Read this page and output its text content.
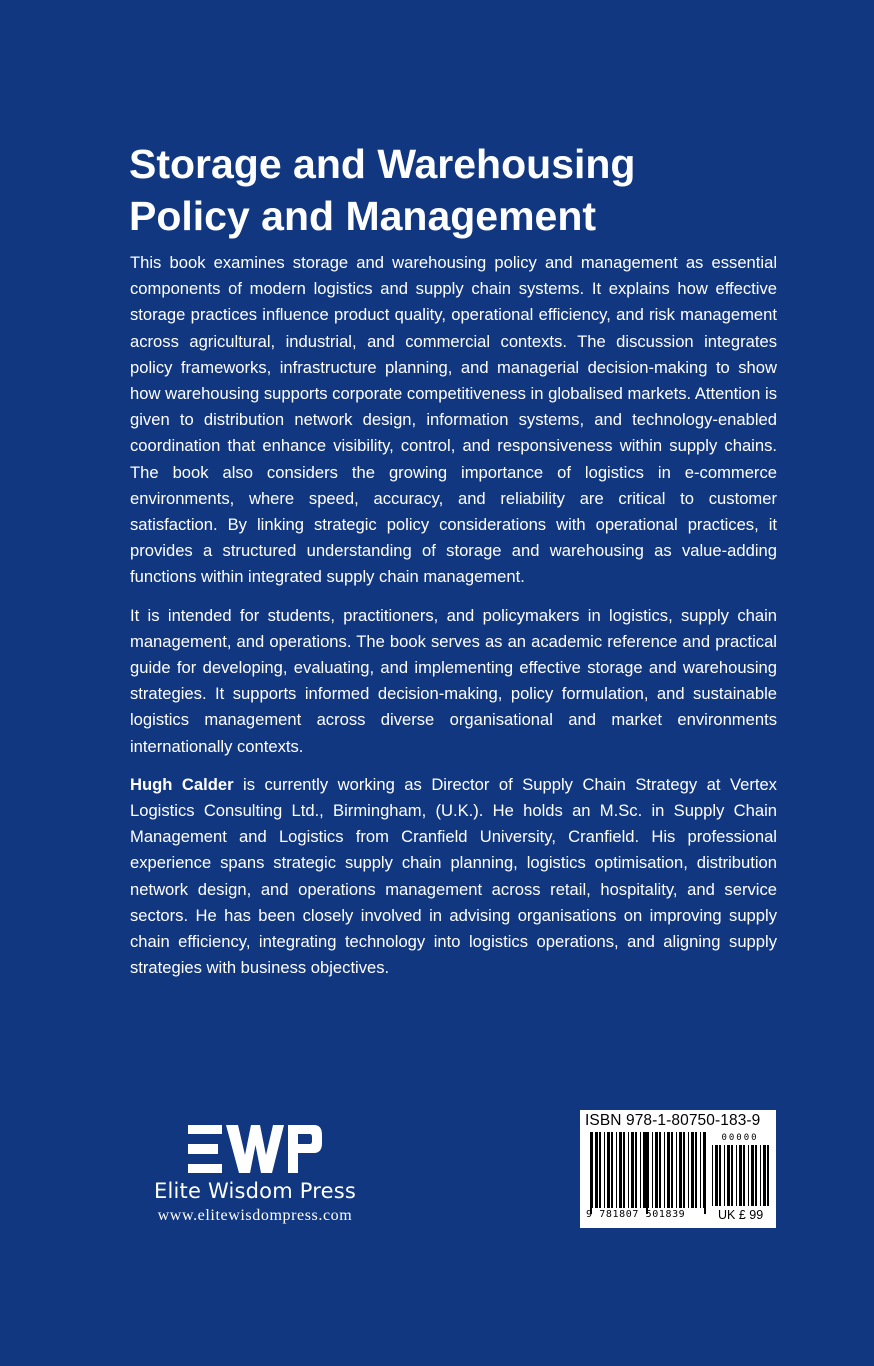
Storage and Warehousing
Policy and Management

This book examines storage and warehousing policy and management as essential components of modern logistics and supply chain systems. It explains how effective storage practices influence product quality, operational efficiency, and risk management across agricultural, industrial, and commercial contexts. The discussion integrates policy frameworks, infrastructure planning, and managerial decision-making to show how warehousing supports corporate competitiveness in globalised markets. Attention is given to distribution network design, information systems, and technology-enabled coordination that enhance visibility, control, and responsiveness within supply chains. The book also considers the growing importance of logistics in e-commerce environments, where speed, accuracy, and reliability are critical to customer satisfaction. By linking strategic policy considerations with operational practices, it provides a structured understanding of storage and warehousing as value-adding functions within integrated supply chain management.

It is intended for students, practitioners, and policymakers in logistics, supply chain management, and operations. The book serves as an academic reference and practical guide for developing, evaluating, and implementing effective storage and warehousing strategies. It supports informed decision-making, policy formulation, and sustainable logistics management across diverse organisational and market environments internationally contexts.

Hugh Calder is currently working as Director of Supply Chain Strategy at Vertex Logistics Consulting Ltd., Birmingham, (U.K.). He holds an M.Sc. in Supply Chain Management and Logistics from Cranfield University, Cranfield. His professional experience spans strategic supply chain planning, logistics optimisation, distribution network design, and operations management across retail, hospitality, and service sectors. He has been closely involved in advising organisations on improving supply chain efficiency, integrating technology into logistics operations, and aligning supply strategies with business objectives.

Elite Wisdom Press
www.elitewisdompress.com
ISBN 978-1-80750-183-9
00000
9 781807 501839	UK £ 99
